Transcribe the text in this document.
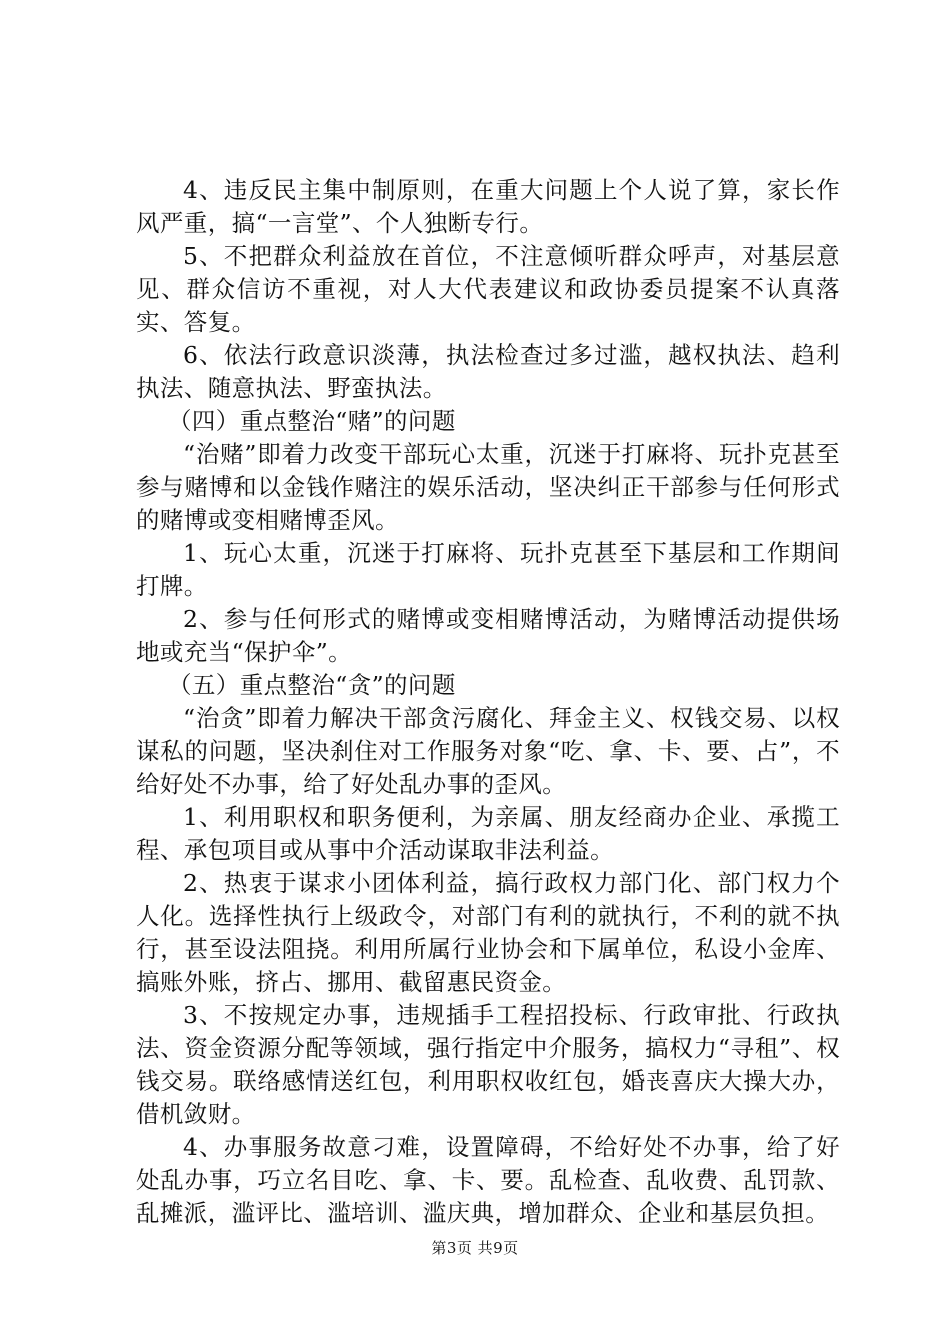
4、违反民主集中制原则，在重大问题上个人说了算，家长作风严重，搞“一言堂”、个人独断专行。

5、不把群众利益放在首位，不注意倾听群众呼声，对基层意见、群众信访不重视，对人大代表建议和政协委员提案不认真落实、答复。

6、依法行政意识淡薄，执法检查过多过滥，越权执法、趋利执法、随意执法、野蛮执法。

（四）重点整治“赌”的问题

“治赌”即着力改变干部玩心太重，沉迷于打麻将、玩扑克甚至参与赌博和以金钱作赌注的娱乐活动，坚决纠正干部参与任何形式的赌博或变相赌博歪风。

1、玩心太重，沉迷于打麻将、玩扑克甚至下基层和工作期间打牌。

2、参与任何形式的赌博或变相赌博活动，为赌博活动提供场地或充当“保护伞”。

（五）重点整治“贪”的问题

“治贪”即着力解决干部贪污腐化、拜金主义、权钱交易、以权谋私的问题，坚决刹住对工作服务对象“吃、拿、卡、要、占”，不给好处不办事，给了好处乱办事的歪风。

1、利用职权和职务便利，为亲属、朋友经商办企业、承揽工程、承包项目或从事中介活动谋取非法利益。

2、热衷于谋求小团体利益，搞行政权力部门化、部门权力个人化。选择性执行上级政令，对部门有利的就执行，不利的就不执行，甚至设法阻挠。利用所属行业协会和下属单位，私设小金库、搞账外账，挤占、挪用、截留惠民资金。

3、不按规定办事，违规插手工程招投标、行政审批、行政执法、资金资源分配等领域，强行指定中介服务，搞权力“寻租”、权钱交易。联络感情送红包，利用职权收红包，婚丧喜庆大操大办，借机敛财。

4、办事服务故意刁难，设置障碍，不给好处不办事，给了好处乱办事，巧立名目吃、拿、卡、要。乱检查、乱收费、乱罚款、乱摊派，滥评比、滥培训、滥庆典，增加群众、企业和基层负担。

第3页 共9页
